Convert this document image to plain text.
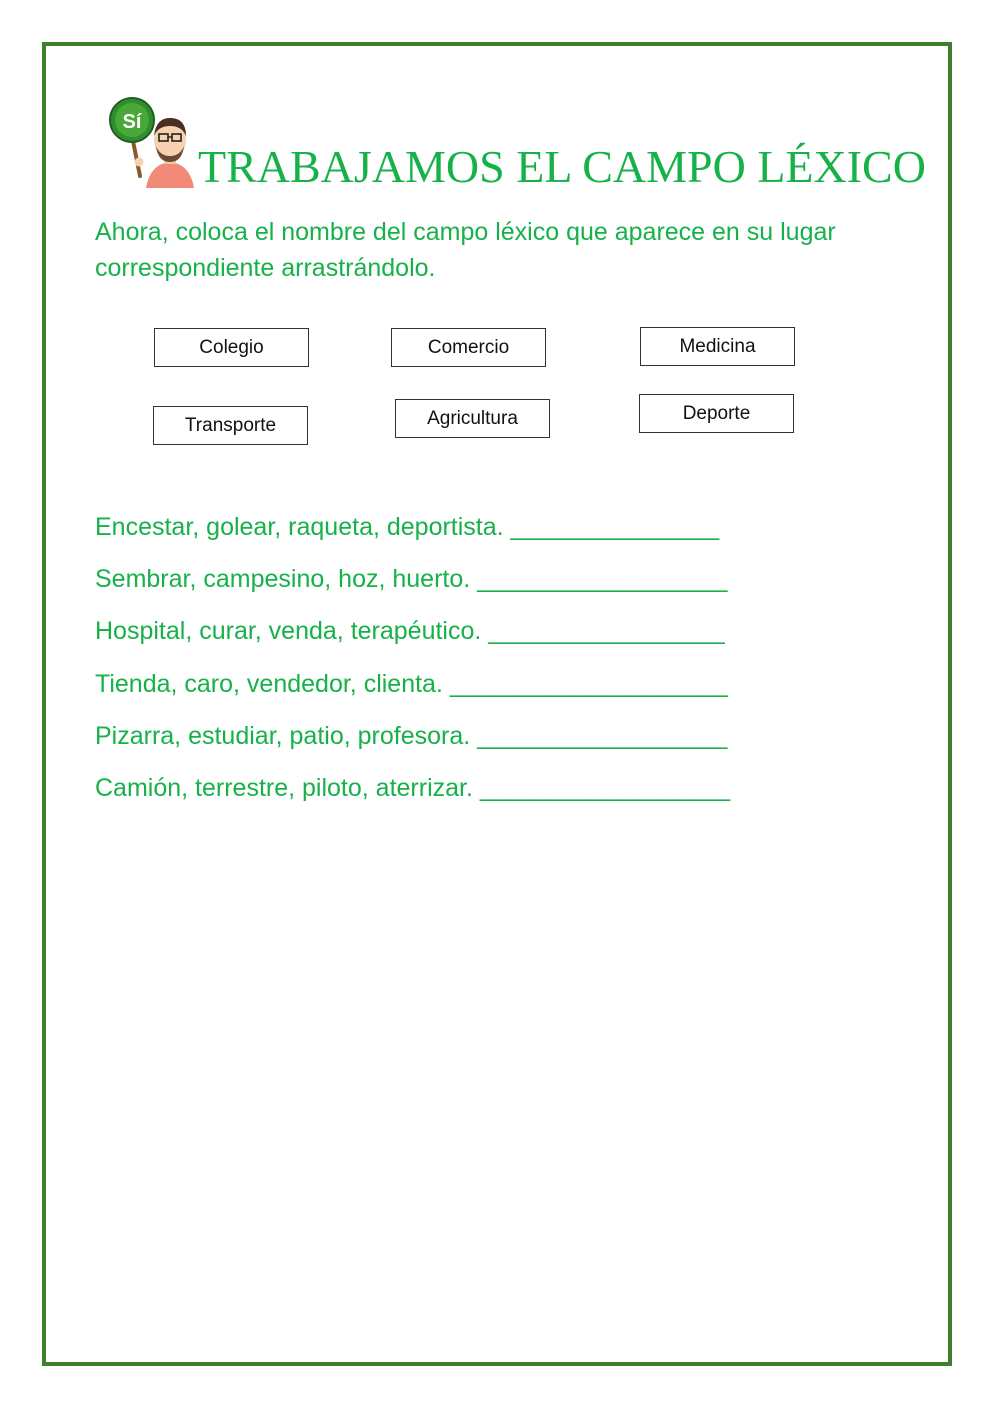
Sí
TRABAJAMOS EL CAMPO LÉXICO
Ahora, coloca el nombre del campo léxico que aparece en su lugar correspondiente arrastrándolo.
Colegio	Comercio	Medicina
Transporte	Agricultura	Deporte
Encestar, golear, raqueta, deportista. _______________
Sembrar, campesino, hoz, huerto. __________________
Hospital, curar, venda, terapéutico. _________________
Tienda, caro, vendedor, clienta. ____________________
Pizarra, estudiar, patio, profesora. __________________
Camión, terrestre, piloto, aterrizar. __________________
